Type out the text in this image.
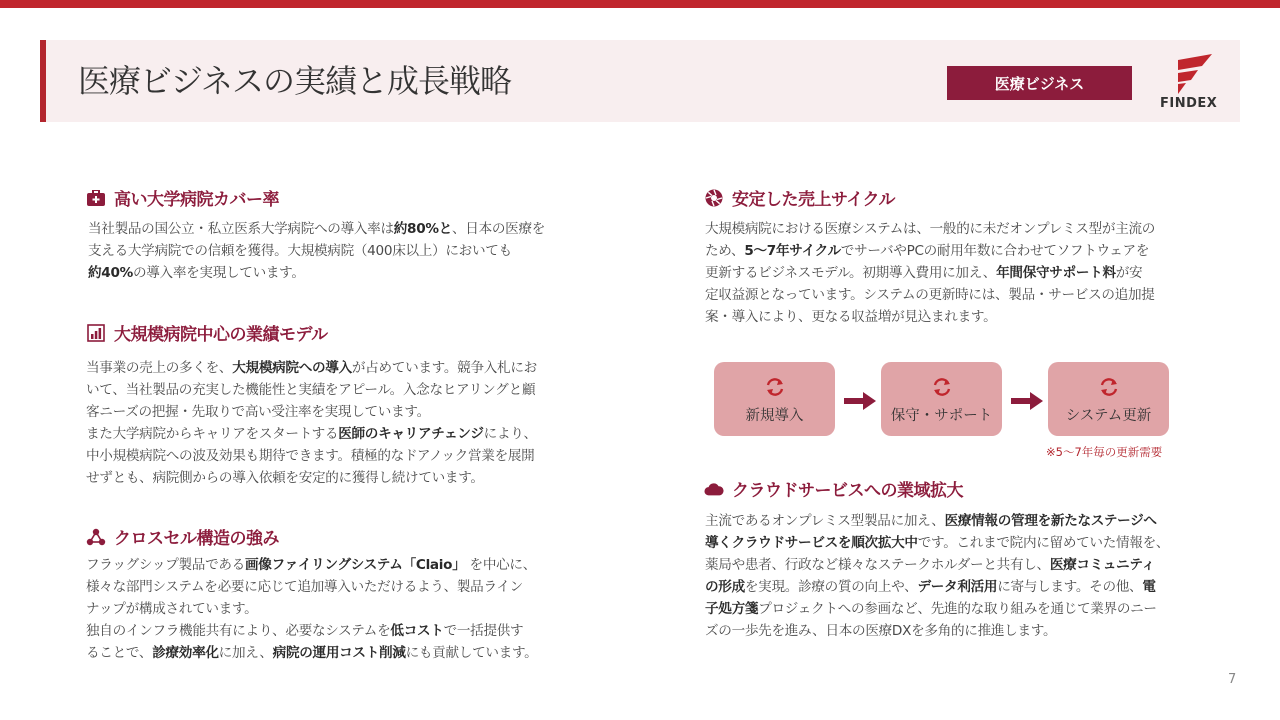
医療ビジネスの実績と成長戦略	医療ビジネス
FINDEX
高い大学病院カバー率

当社製品の国公立・私立医系大学病院への導入率は約80%と、日本の医療を

支える大学病院での信頼を獲得。大規模病院（400床以上）においても

約40%の導入率を実現しています。

大規模病院中心の業績モデル

当事業の売上の多くを、大規模病院への導入が占めています。競争入札にお

いて、当社製品の充実した機能性と実績をアピール。入念なヒアリングと顧

客ニーズの把握・先取りで高い受注率を実現しています。

また大学病院からキャリアをスタートする医師のキャリアチェンジにより、

中小規模病院への波及効果も期待できます。積極的なドアノック営業を展開

せずとも、病院側からの導入依頼を安定的に獲得し続けています。

クロスセル構造の強み

フラッグシップ製品である画像ファイリングシステム「Claio」 を中心に、

様々な部門システムを必要に応じて追加導入いただけるよう、製品ライン

ナップが構成されています。

独自のインフラ機能共有により、必要なシステムを低コストで一括提供す

ることで、診療効率化に加え、病院の運用コスト削減にも貢献しています。

安定した売上サイクル

大規模病院における医療システムは、一般的に未だオンプレミス型が主流の

ため、5〜7年サイクルでサーバやPCの耐用年数に合わせてソフトウェアを

更新するビジネスモデル。初期導入費用に加え、年間保守サポート料が安

定収益源となっています。システムの更新時には、製品・サービスの追加提

案・導入により、更なる収益増が見込まれます。

新規導入	保守・サポート	システム更新
※5〜7年毎の更新需要
クラウドサービスへの業域拡大

主流であるオンプレミス型製品に加え、医療情報の管理を新たなステージへ

導くクラウドサービスを順次拡大中です。これまで院内に留めていた情報を、

薬局や患者、行政など様々なステークホルダーと共有し、医療コミュニティ

の形成を実現。診療の質の向上や、データ利活用に寄与します。その他、電

子処方箋プロジェクトへの参画など、先進的な取り組みを通じて業界のニー

ズの一歩先を進み、日本の医療DXを多角的に推進します。

7
